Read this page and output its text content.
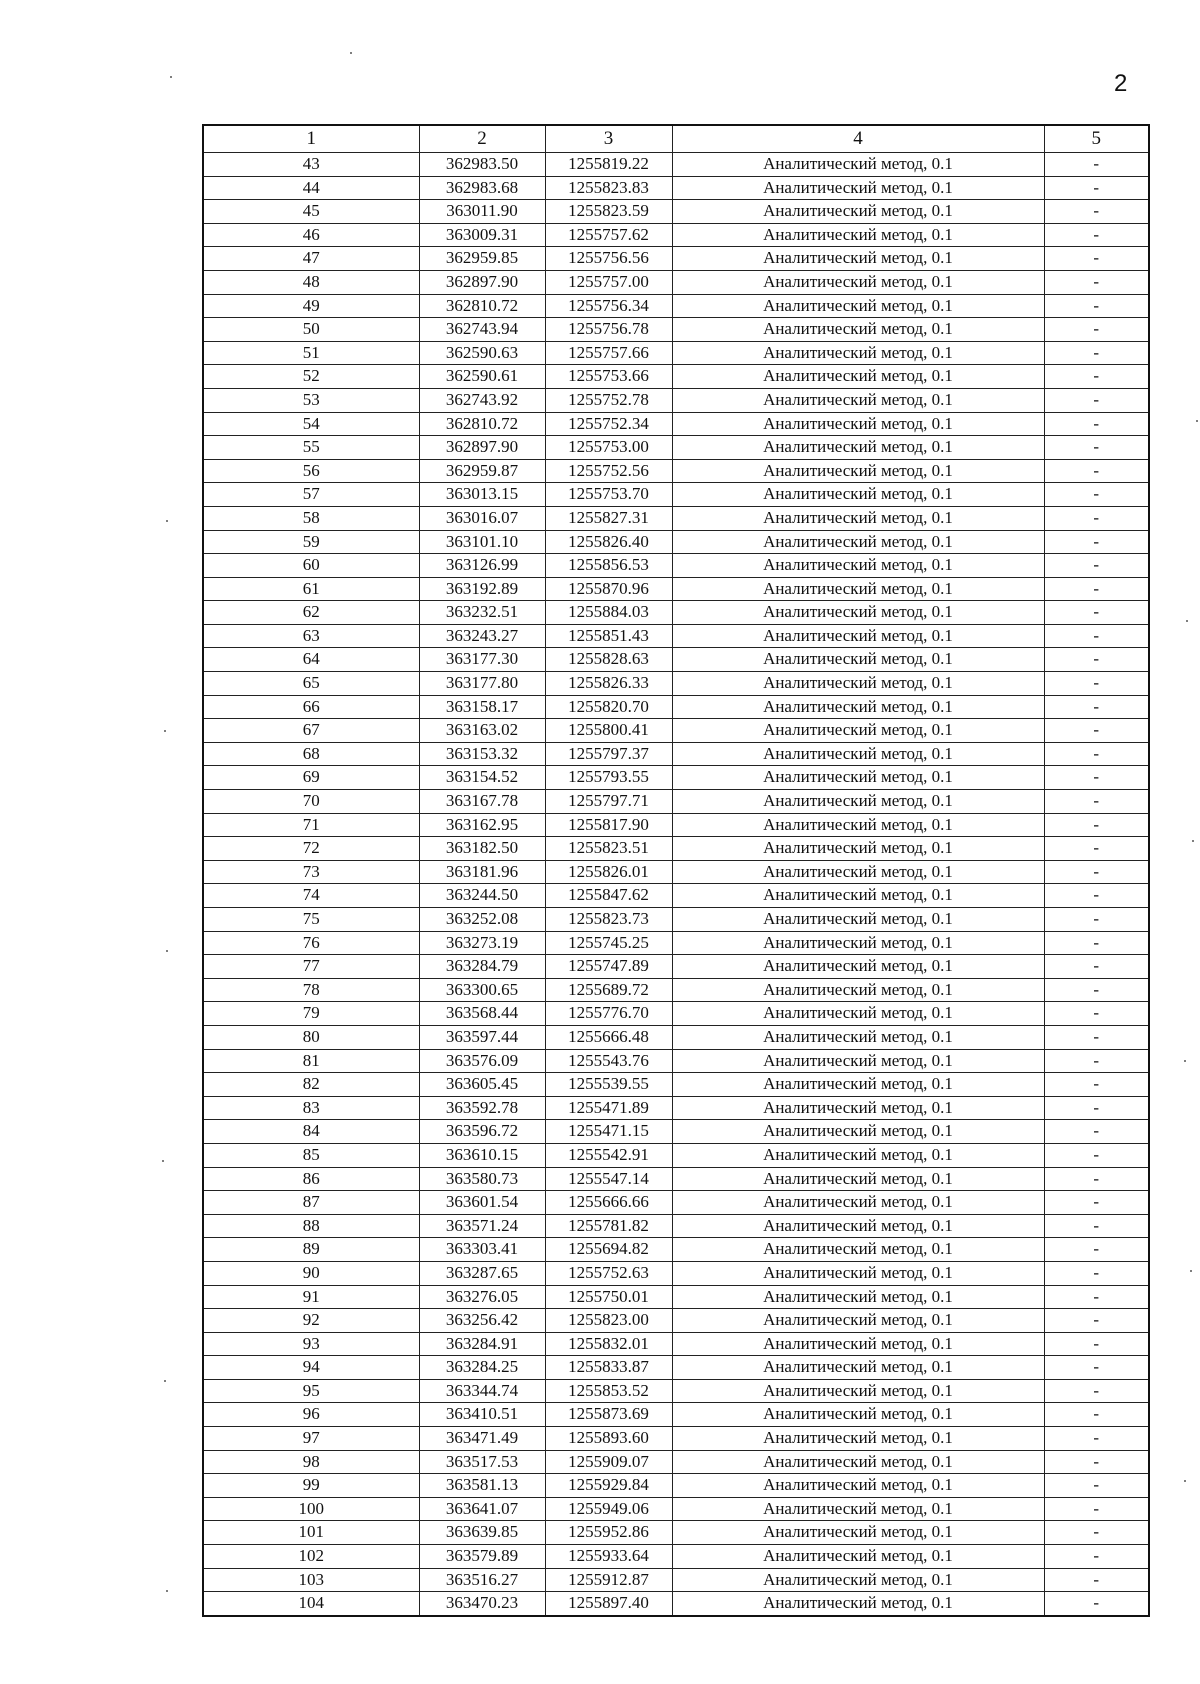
2
1	2	3	4	5
43	362983.50	1255819.22	Аналитический метод, 0.1	-
44	362983.68	1255823.83	Аналитический метод, 0.1	-
45	363011.90	1255823.59	Аналитический метод, 0.1	-
46	363009.31	1255757.62	Аналитический метод, 0.1	-
47	362959.85	1255756.56	Аналитический метод, 0.1	-
48	362897.90	1255757.00	Аналитический метод, 0.1	-
49	362810.72	1255756.34	Аналитический метод, 0.1	-
50	362743.94	1255756.78	Аналитический метод, 0.1	-
51	362590.63	1255757.66	Аналитический метод, 0.1	-
52	362590.61	1255753.66	Аналитический метод, 0.1	-
53	362743.92	1255752.78	Аналитический метод, 0.1	-
54	362810.72	1255752.34	Аналитический метод, 0.1	-
55	362897.90	1255753.00	Аналитический метод, 0.1	-
56	362959.87	1255752.56	Аналитический метод, 0.1	-
57	363013.15	1255753.70	Аналитический метод, 0.1	-
58	363016.07	1255827.31	Аналитический метод, 0.1	-
59	363101.10	1255826.40	Аналитический метод, 0.1	-
60	363126.99	1255856.53	Аналитический метод, 0.1	-
61	363192.89	1255870.96	Аналитический метод, 0.1	-
62	363232.51	1255884.03	Аналитический метод, 0.1	-
63	363243.27	1255851.43	Аналитический метод, 0.1	-
64	363177.30	1255828.63	Аналитический метод, 0.1	-
65	363177.80	1255826.33	Аналитический метод, 0.1	-
66	363158.17	1255820.70	Аналитический метод, 0.1	-
67	363163.02	1255800.41	Аналитический метод, 0.1	-
68	363153.32	1255797.37	Аналитический метод, 0.1	-
69	363154.52	1255793.55	Аналитический метод, 0.1	-
70	363167.78	1255797.71	Аналитический метод, 0.1	-
71	363162.95	1255817.90	Аналитический метод, 0.1	-
72	363182.50	1255823.51	Аналитический метод, 0.1	-
73	363181.96	1255826.01	Аналитический метод, 0.1	-
74	363244.50	1255847.62	Аналитический метод, 0.1	-
75	363252.08	1255823.73	Аналитический метод, 0.1	-
76	363273.19	1255745.25	Аналитический метод, 0.1	-
77	363284.79	1255747.89	Аналитический метод, 0.1	-
78	363300.65	1255689.72	Аналитический метод, 0.1	-
79	363568.44	1255776.70	Аналитический метод, 0.1	-
80	363597.44	1255666.48	Аналитический метод, 0.1	-
81	363576.09	1255543.76	Аналитический метод, 0.1	-
82	363605.45	1255539.55	Аналитический метод, 0.1	-
83	363592.78	1255471.89	Аналитический метод, 0.1	-
84	363596.72	1255471.15	Аналитический метод, 0.1	-
85	363610.15	1255542.91	Аналитический метод, 0.1	-
86	363580.73	1255547.14	Аналитический метод, 0.1	-
87	363601.54	1255666.66	Аналитический метод, 0.1	-
88	363571.24	1255781.82	Аналитический метод, 0.1	-
89	363303.41	1255694.82	Аналитический метод, 0.1	-
90	363287.65	1255752.63	Аналитический метод, 0.1	-
91	363276.05	1255750.01	Аналитический метод, 0.1	-
92	363256.42	1255823.00	Аналитический метод, 0.1	-
93	363284.91	1255832.01	Аналитический метод, 0.1	-
94	363284.25	1255833.87	Аналитический метод, 0.1	-
95	363344.74	1255853.52	Аналитический метод, 0.1	-
96	363410.51	1255873.69	Аналитический метод, 0.1	-
97	363471.49	1255893.60	Аналитический метод, 0.1	-
98	363517.53	1255909.07	Аналитический метод, 0.1	-
99	363581.13	1255929.84	Аналитический метод, 0.1	-
100	363641.07	1255949.06	Аналитический метод, 0.1	-
101	363639.85	1255952.86	Аналитический метод, 0.1	-
102	363579.89	1255933.64	Аналитический метод, 0.1	-
103	363516.27	1255912.87	Аналитический метод, 0.1	-
104	363470.23	1255897.40	Аналитический метод, 0.1	-
